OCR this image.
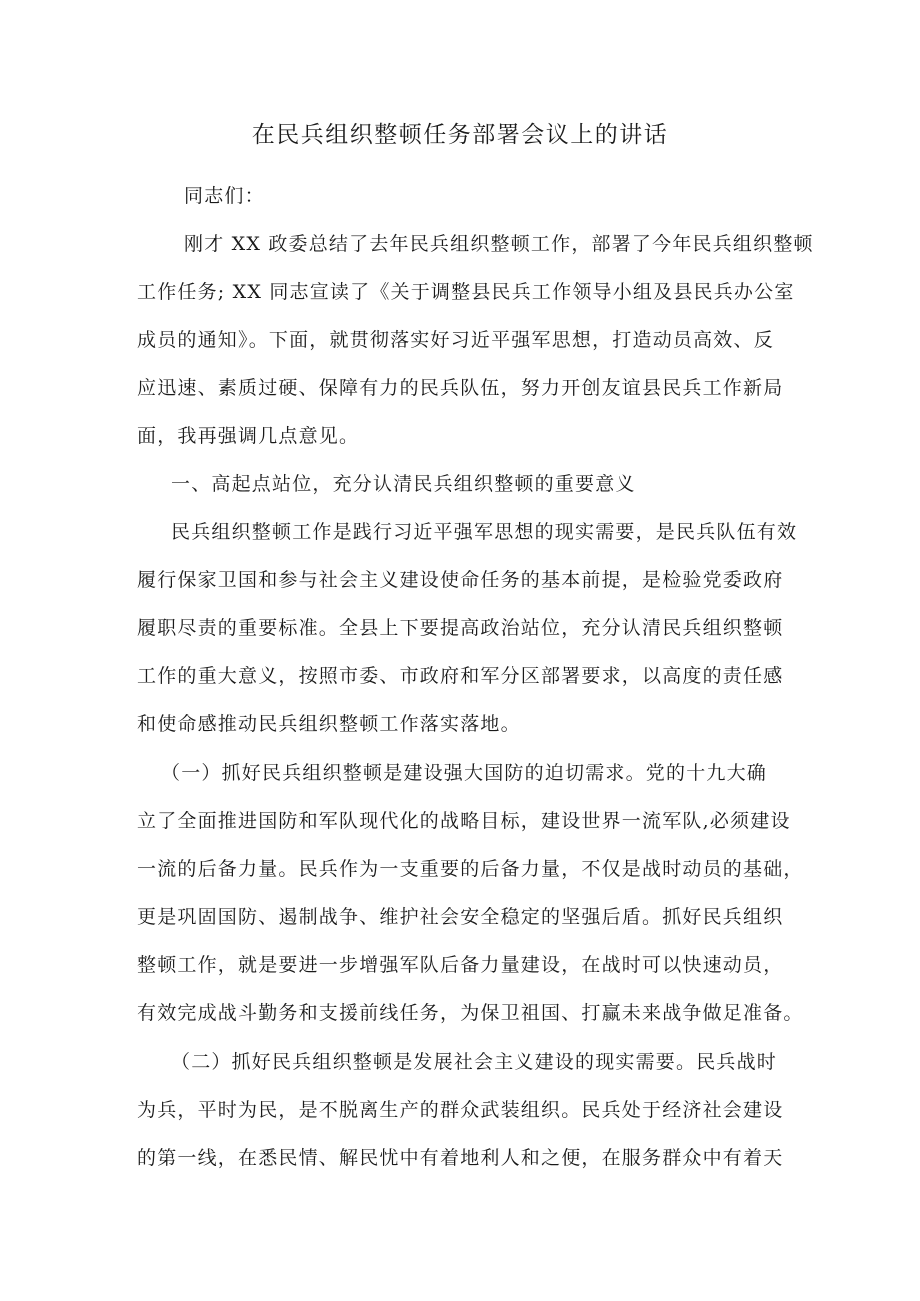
在民兵组织整顿任务部署会议上的讲话

同志们：

刚才 XX 政委总结了去年民兵组织整顿工作，部署了今年民兵组织整顿

工作任务; XX 同志宣读了《关于调整县民兵工作领导小组及县民兵办公室

成员的通知》。下面，就贯彻落实好习近平强军思想，打造动员高效、反

应迅速、素质过硬、保障有力的民兵队伍，努力开创友谊县民兵工作新局

面，我再强调几点意见。

一、高起点站位，充分认清民兵组织整顿的重要意义

民兵组织整顿工作是践行习近平强军思想的现实需要，是民兵队伍有效

履行保家卫国和参与社会主义建设使命任务的基本前提，是检验党委政府

履职尽责的重要标准。全县上下要提高政治站位，充分认清民兵组织整顿

工作的重大意义，按照市委、市政府和军分区部署要求，以高度的责任感

和使命感推动民兵组织整顿工作落实落地。

（一）抓好民兵组织整顿是建设强大国防的迫切需求。党的十九大确

立了全面推进国防和军队现代化的战略目标，建设世界一流军队,必须建设

一流的后备力量。民兵作为一支重要的后备力量，不仅是战时动员的基础，

更是巩固国防、遏制战争、维护社会安全稳定的坚强后盾。抓好民兵组织

整顿工作，就是要进一步增强军队后备力量建设，在战时可以快速动员，

有效完成战斗勤务和支援前线任务，为保卫祖国、打赢未来战争做足准备。

（二）抓好民兵组织整顿是发展社会主义建设的现实需要。民兵战时

为兵，平时为民，是不脱离生产的群众武装组织。民兵处于经济社会建设

的第一线，在悉民情、解民忧中有着地利人和之便，在服务群众中有着天
